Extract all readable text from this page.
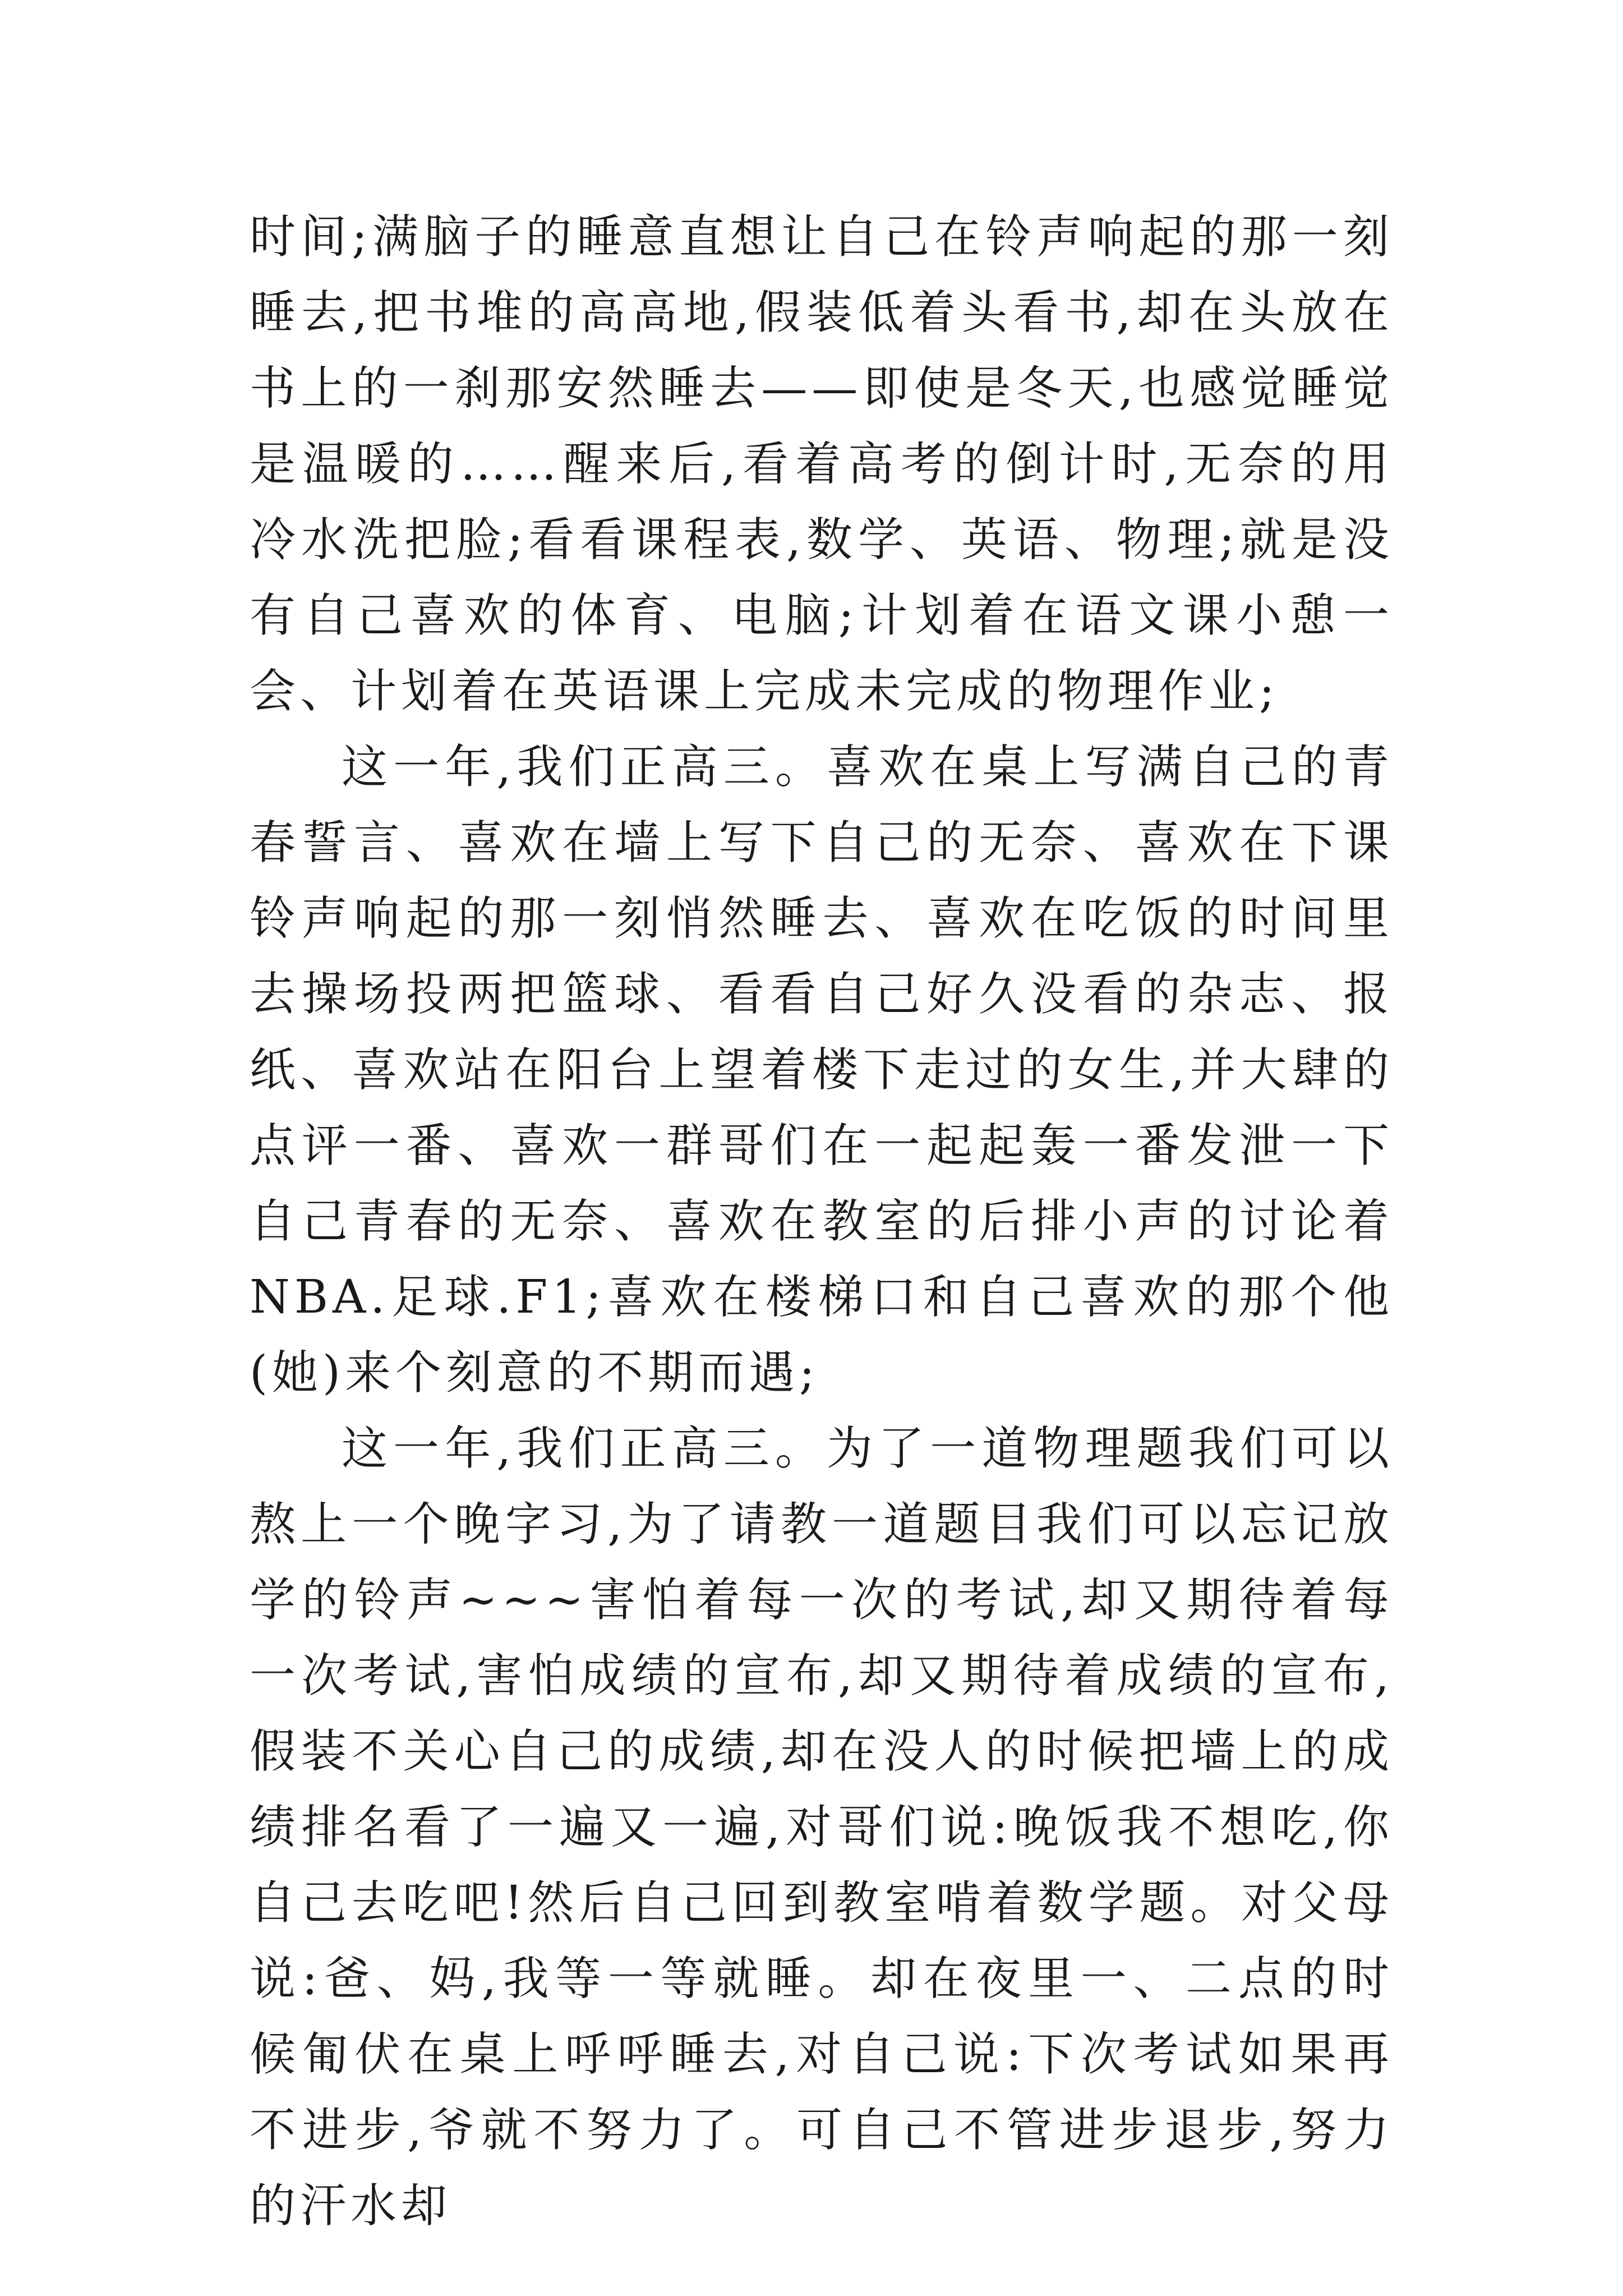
时间;满脑子的睡意直想让自己在铃声响起的那一刻睡去,把书堆的高高地,假装低着头看书,却在头放在书上的一刹那安然睡去——即使是冬天,也感觉睡觉是温暖的……醒来后,看着高考的倒计时,无奈的用冷水洗把脸;看看课程表,数学、英语、物理;就是没有自己喜欢的体育、电脑;计划着在语文课小憩一会、计划着在英语课上完成未完成的物理作业;

这一年,我们正高三。喜欢在桌上写满自己的青春誓言、喜欢在墙上写下自己的无奈、喜欢在下课铃声响起的那一刻悄然睡去、喜欢在吃饭的时间里去操场投两把篮球、看看自己好久没看的杂志、报纸、喜欢站在阳台上望着楼下走过的女生,并大肆的点评一番、喜欢一群哥们在一起起轰一番发泄一下自己青春的无奈、喜欢在教室的后排小声的讨论着NBA.足球.F1;喜欢在楼梯口和自己喜欢的那个他(她)来个刻意的不期而遇;

这一年,我们正高三。为了一道物理题我们可以熬上一个晚字习,为了请教一道题目我们可以忘记放学的铃声~~~害怕着每一次的考试,却又期待着每一次考试,害怕成绩的宣布,却又期待着成绩的宣布,假装不关心自己的成绩,却在没人的时候把墙上的成绩排名看了一遍又一遍,对哥们说:晚饭我不想吃,你自己去吃吧!然后自己回到教室啃着数学题。对父母说:爸、妈,我等一等就睡。却在夜里一、二点的时候匍伏在桌上呼呼睡去,对自己说:下次考试如果再不进步,爷就不努力了。可自己不管进步退步,努力的汗水却
